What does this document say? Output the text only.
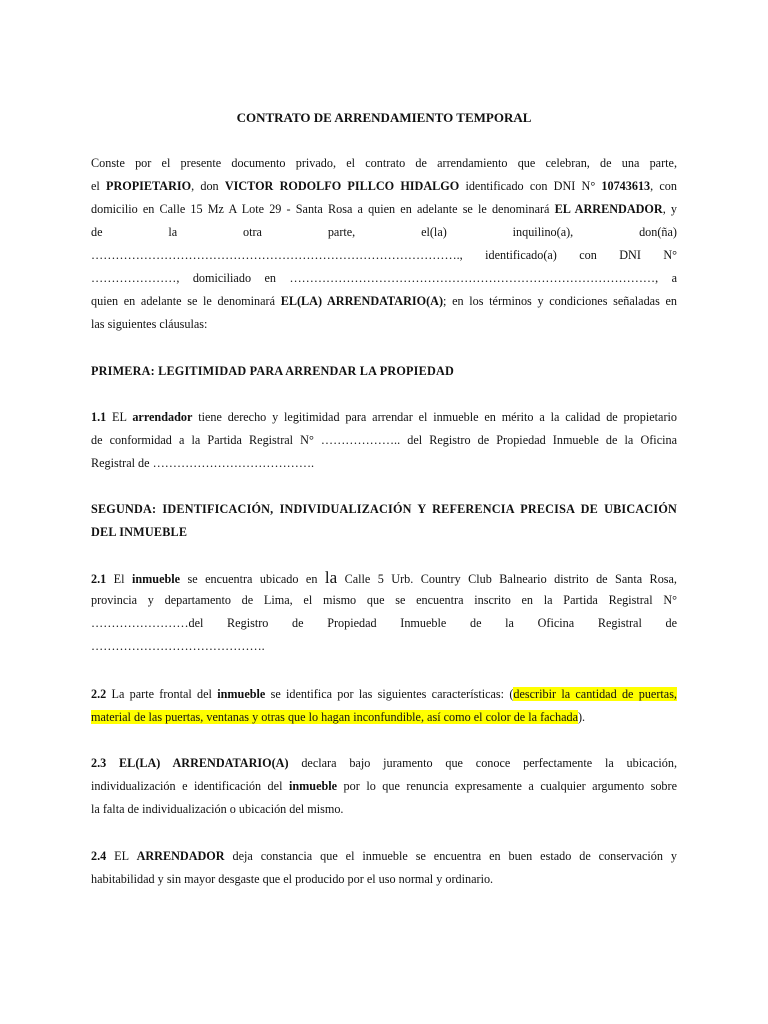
CONTRATO DE ARRENDAMIENTO TEMPORAL
Conste por el presente documento privado, el contrato de arrendamiento que celebran, de una parte,
el PROPIETARIO, don VICTOR RODOLFO PILLCO HIDALGO identificado con DNI N° 10743613, con
domicilio en Calle 15 Mz A Lote 29 - Santa Rosa a quien en adelante se le denominará EL ARRENDADOR, y
de la otra parte, el(la) inquilino(a), don(ña)
………………………………………………………………………………., identificado(a) con DNI N°
…………………, domiciliado en ………………………………………………………………………………, a
quien en adelante se le denominará EL(LA) ARRENDATARIO(A); en los términos y condiciones señaladas en
las siguientes cláusulas:
PRIMERA: LEGITIMIDAD PARA ARRENDAR LA PROPIEDAD
1.1 EL arrendador tiene derecho y legitimidad para arrendar el inmueble en mérito a la calidad de propietario
de conformidad a la Partida Registral N° ……………….. del Registro de Propiedad Inmueble de la Oficina
Registral de ………………………………….
SEGUNDA: IDENTIFICACIÓN, INDIVIDUALIZACIÓN Y REFERENCIA PRECISA DE UBICACIÓN
DEL INMUEBLE
2.1 El inmueble se encuentra ubicado en la Calle 5 Urb. Country Club Balneario distrito de Santa Rosa,
provincia y departamento de Lima, el mismo que se encuentra inscrito en la Partida Registral N°
……………………del Registro de Propiedad Inmueble de la Oficina Registral de
…………………………………….
2.2 La parte frontal del inmueble se identifica por las siguientes características: (describir la cantidad de puertas,
material de las puertas, ventanas y otras que lo hagan inconfundible, así como el color de la fachada).
2.3 EL(LA) ARRENDATARIO(A) declara bajo juramento que conoce perfectamente la ubicación,
individualización e identificación del inmueble por lo que renuncia expresamente a cualquier argumento sobre
la falta de individualización o ubicación del mismo.
2.4 EL ARRENDADOR deja constancia que el inmueble se encuentra en buen estado de conservación y
habitabilidad y sin mayor desgaste que el producido por el uso normal y ordinario.
